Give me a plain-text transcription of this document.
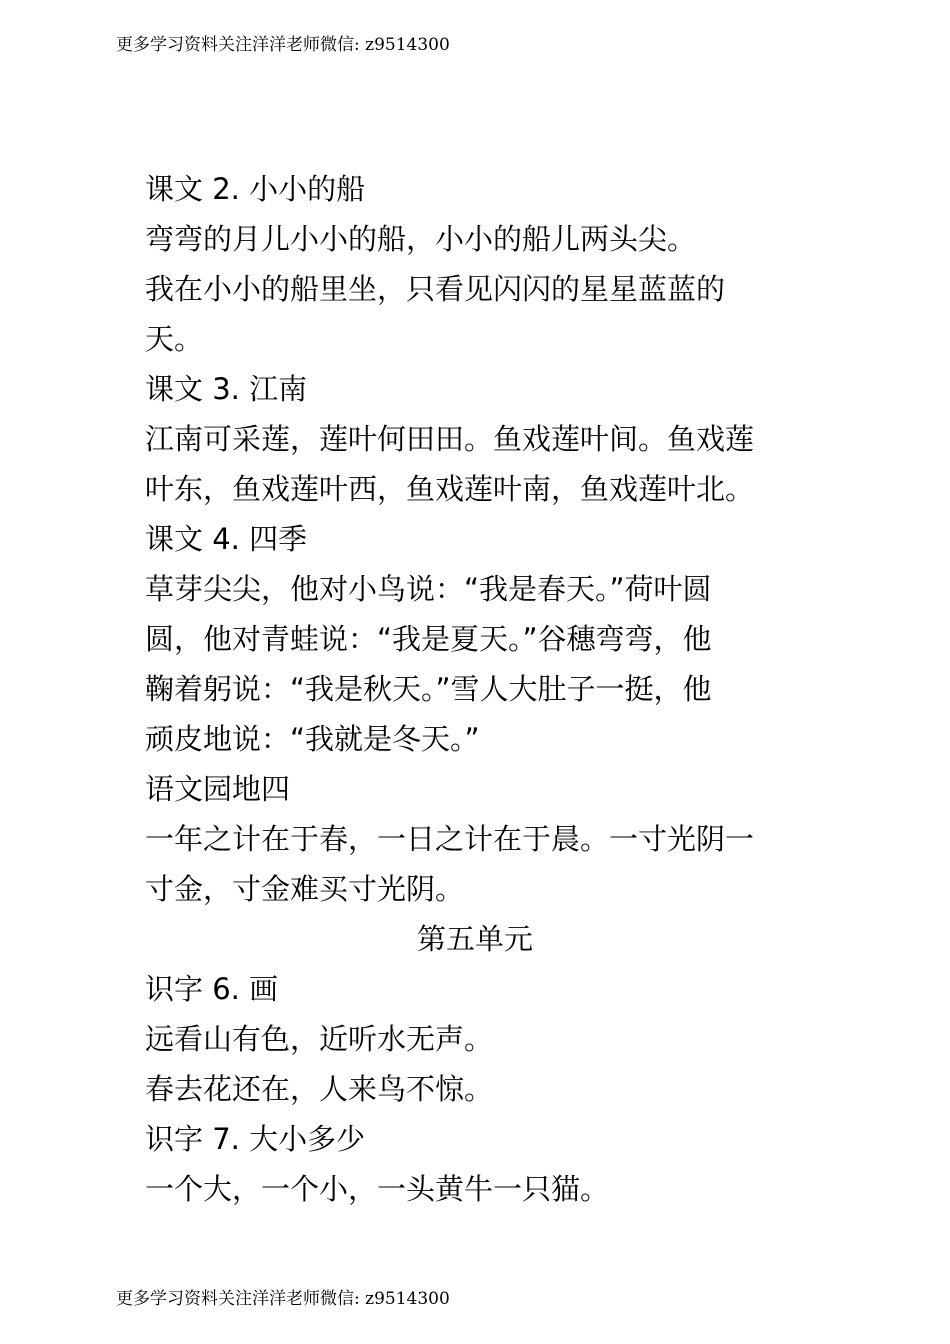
更多学习资料关注洋洋老师微信: z9514300

课文 2. 小小的船

弯弯的月儿小小的船，小小的船儿两头尖。

我在小小的船里坐，只看见闪闪的星星蓝蓝的

天。

课文 3. 江南

江南可采莲，莲叶何田田。鱼戏莲叶间。鱼戏莲

叶东，鱼戏莲叶西，鱼戏莲叶南，鱼戏莲叶北。

课文 4. 四季

草芽尖尖，他对小鸟说：“我是春天。”荷叶圆

圆，他对青蛙说：“我是夏天。”谷穗弯弯，他

鞠着躬说：“我是秋天。”雪人大肚子一挺，他

顽皮地说：“我就是冬天。”

语文园地四

一年之计在于春，一日之计在于晨。一寸光阴一

寸金，寸金难买寸光阴。

第五单元

识字 6. 画

远看山有色，近听水无声。

春去花还在，人来鸟不惊。

识字 7. 大小多少

一个大，一个小，一头黄牛一只猫。

更多学习资料关注洋洋老师微信: z9514300
